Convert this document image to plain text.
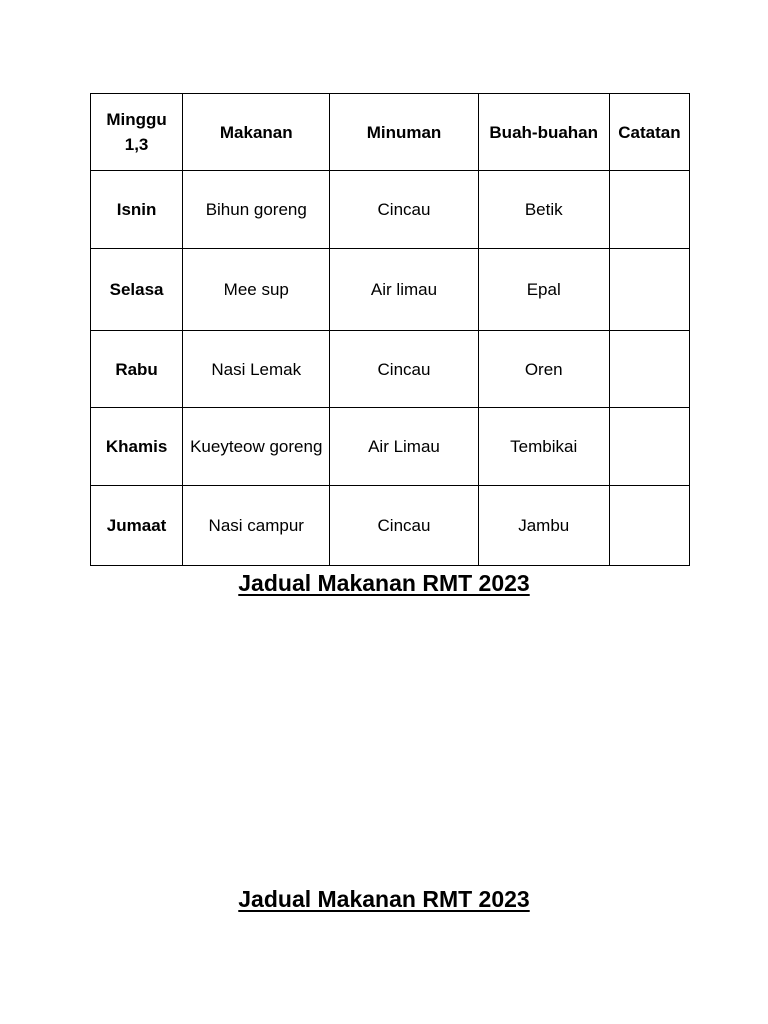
Minggu 1,3	Makanan	Minuman	Buah-buahan	Catatan
Isnin	Bihun goreng	Cincau	Betik	
Selasa	Mee sup	Air limau	Epal	
Rabu	Nasi Lemak	Cincau	Oren	
Khamis	Kueyteow goreng	Air Limau	Tembikai	
Jumaat	Nasi campur	Cincau	Jambu	
Jadual Makanan RMT 2023
Jadual Makanan RMT 2023
